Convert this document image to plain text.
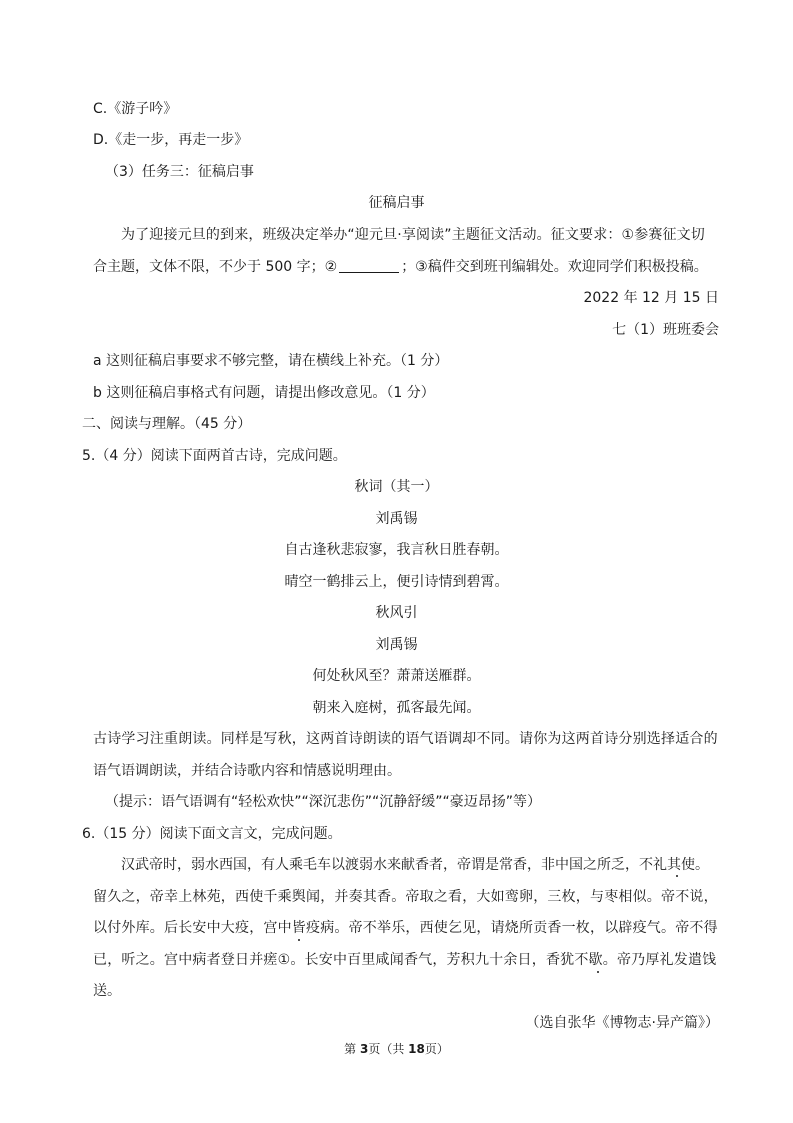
C.《游子吟》
D.《走一步，再走一步》
（3）任务三：征稿启事
征稿启事
为了迎接元旦的到来，班级决定举办“迎元旦·享阅读”主题征文活动。征文要求：①参赛征文切
合主题，文体不限，不少于 500 字；②	；③稿件交到班刊编辑处。欢迎同学们积极投稿。
2022 年 12 月 15 日
七（1）班班委会
a 这则征稿启事要求不够完整，请在横线上补充。（1 分）
b 这则征稿启事格式有问题，请提出修改意见。（1 分）
二、阅读与理解。（45 分）
5.（4 分）阅读下面两首古诗，完成问题。
秋词（其一）
刘禹锡
自古逢秋悲寂寥，我言秋日胜春朝。
晴空一鹤排云上，便引诗情到碧霄。
秋风引
刘禹锡
何处秋风至？萧萧送雁群。
朝来入庭树，孤客最先闻。
古诗学习注重朗读。同样是写秋，这两首诗朗读的语气语调却不同。请你为这两首诗分别选择适合的
语气语调朗读，并结合诗歌内容和情感说明理由。
（提示：语气语调有“轻松欢快”“深沉悲伤”“沉静舒缓”“豪迈昂扬”等）
6.（15 分）阅读下面文言文，完成问题。
汉武帝时，弱水西国，有人乘毛车以渡弱水来献香者，帝谓是常香，非中国之所乏，不礼其使。
留久之，帝幸上林苑，西使千乘舆闻，并奏其香。帝取之看，大如鸾卵，三枚，与枣相似。帝不说，
以付外库。后长安中大疫，宫中皆疫病。帝不举乐，西使乞见，请烧所贡香一枚，以辟疫气。帝不得
已，听之。宫中病者登日并瘥①。长安中百里咸闻香气，芳积九十余日，香犹不歇。帝乃厚礼发遣饯
送。
（选自张华《博物志·异产篇》）
第 3页（共 18页）
